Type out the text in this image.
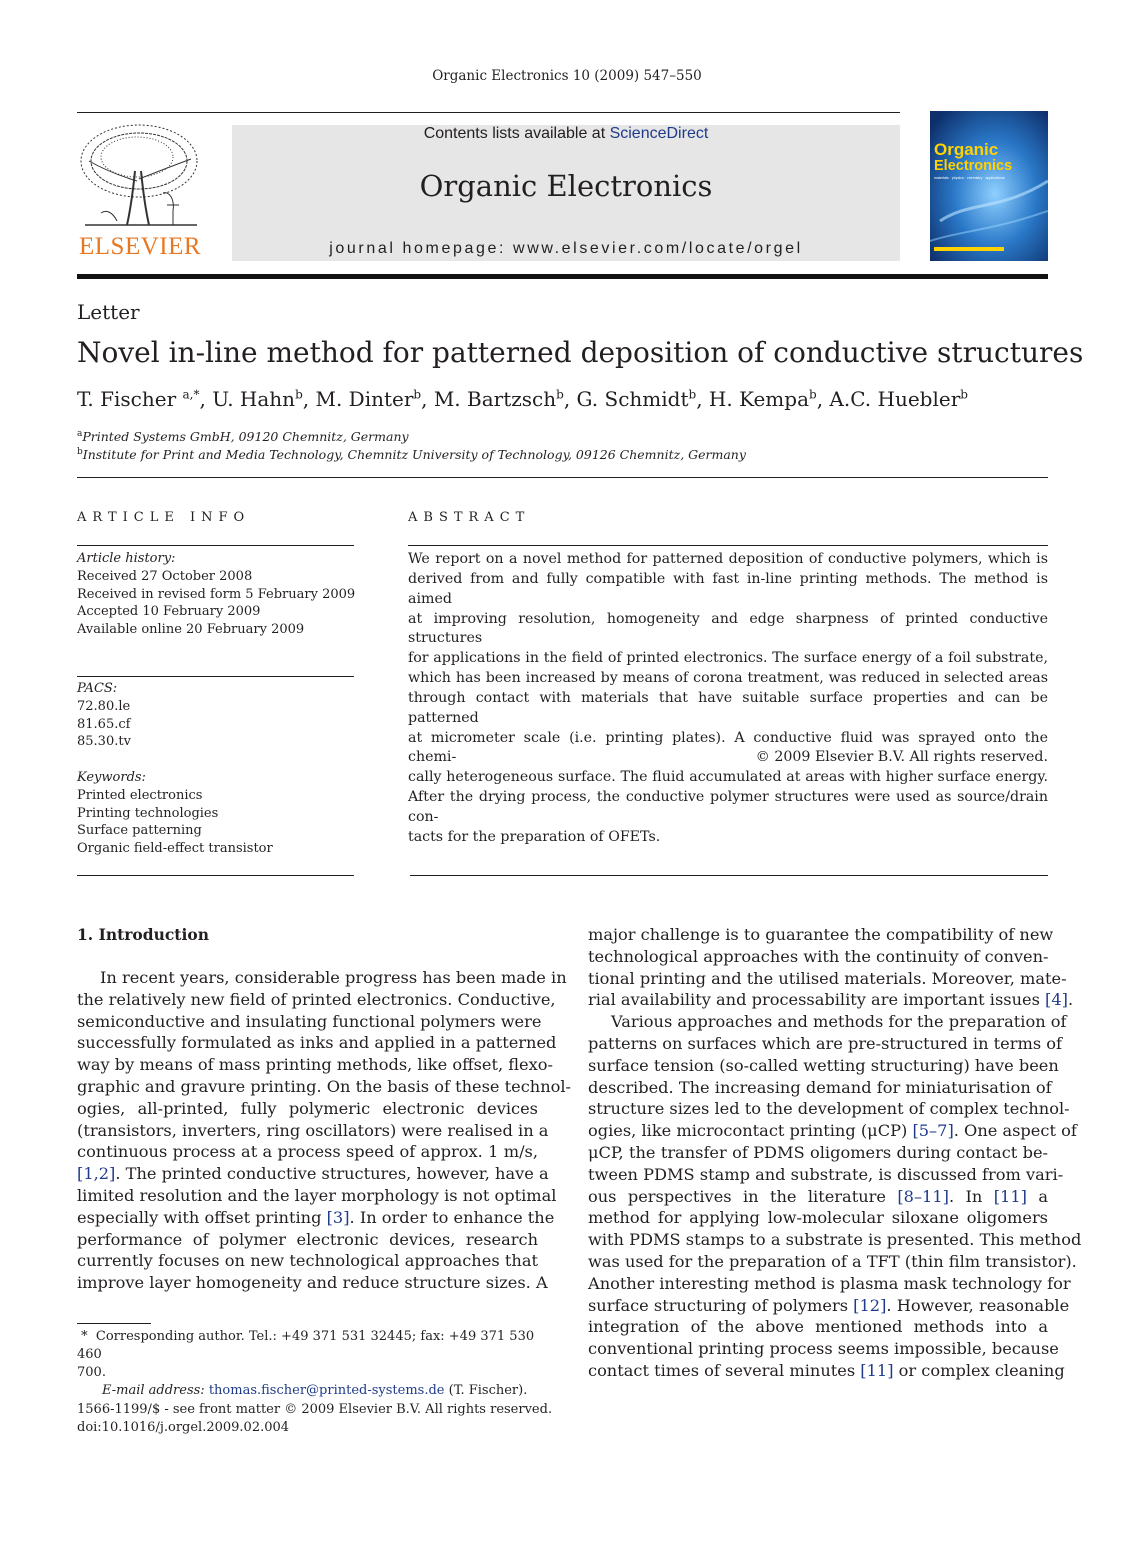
Organic Electronics 10 (2009) 547–550
ELSEVIER
Contents lists available at ScienceDirect
Organic Electronics
journal homepage: www.elsevier.com/locate/orgel
Organic
Electronics
materials · physics · chemistry · applications
Letter
Novel in-line method for patterned deposition of conductive structures
T. Fischer $^{a,*}$, U. Hahn$^b$, M. Dinter$^b$, M. Bartzsch$^b$, G. Schmidt$^b$, H. Kempa$^b$, A.C. Huebler$^b$
$^a$Printed Systems GmbH, 09120 Chemnitz, Germany
$^b$Institute for Print and Media Technology, Chemnitz University of Technology, 09126 Chemnitz, Germany
ARTICLE INFO
Article history:
Received 27 October 2008
Received in revised form 5 February 2009
Accepted 10 February 2009
Available online 20 February 2009
PACS:
72.80.le
81.65.cf
85.30.tv
Keywords:
Printed electronics
Printing technologies
Surface patterning
Organic field-effect transistor
ABSTRACT
We report on a novel method for patterned deposition of conductive polymers, which is
derived from and fully compatible with fast in-line printing methods. The method is aimed
at improving resolution, homogeneity and edge sharpness of printed conductive structures
for applications in the field of printed electronics. The surface energy of a foil substrate,
which has been increased by means of corona treatment, was reduced in selected areas
through contact with materials that have suitable surface properties and can be patterned
at micrometer scale (i.e. printing plates). A conductive fluid was sprayed onto the chemi-
cally heterogeneous surface. The fluid accumulated at areas with higher surface energy.
After the drying process, the conductive polymer structures were used as source/drain con-
tacts for the preparation of OFETs.
© 2009 Elsevier B.V. All rights reserved.
1. Introduction
In recent years, considerable progress has been made in
the relatively new field of printed electronics. Conductive,
semiconductive and insulating functional polymers were
successfully formulated as inks and applied in a patterned
way by means of mass printing methods, like offset, flexo-
graphic and gravure printing. On the basis of these technol-
ogies, all-printed, fully polymeric electronic devices
(transistors, inverters, ring oscillators) were realised in a
continuous process at a process speed of approx. 1 m/s,
[1,2]. The printed conductive structures, however, have a
limited resolution and the layer morphology is not optimal
especially with offset printing [3]. In order to enhance the
performance of polymer electronic devices, research
currently focuses on new technological approaches that
improve layer homogeneity and reduce structure sizes. A
major challenge is to guarantee the compatibility of new
technological approaches with the continuity of conven-
tional printing and the utilised materials. Moreover, mate-
rial availability and processability are important issues [4].
Various approaches and methods for the preparation of
patterns on surfaces which are pre-structured in terms of
surface tension (so-called wetting structuring) have been
described. The increasing demand for miniaturisation of
structure sizes led to the development of complex technol-
ogies, like microcontact printing (μCP) [5–7]. One aspect of
μCP, the transfer of PDMS oligomers during contact be-
tween PDMS stamp and substrate, is discussed from vari-
ous perspectives in the literature [8–11]. In [11] a
method for applying low-molecular siloxane oligomers
with PDMS stamps to a substrate is presented. This method
was used for the preparation of a TFT (thin film transistor).
Another interesting method is plasma mask technology for
surface structuring of polymers [12]. However, reasonable
integration of the above mentioned methods into a
conventional printing process seems impossible, because
contact times of several minutes [11] or complex cleaning
* Corresponding author. Tel.: +49 371 531 32445; fax: +49 371 530 460
700.
E-mail address: thomas.fischer@printed-systems.de (T. Fischer).
1566-1199/$ - see front matter © 2009 Elsevier B.V. All rights reserved.
doi:10.1016/j.orgel.2009.02.004
